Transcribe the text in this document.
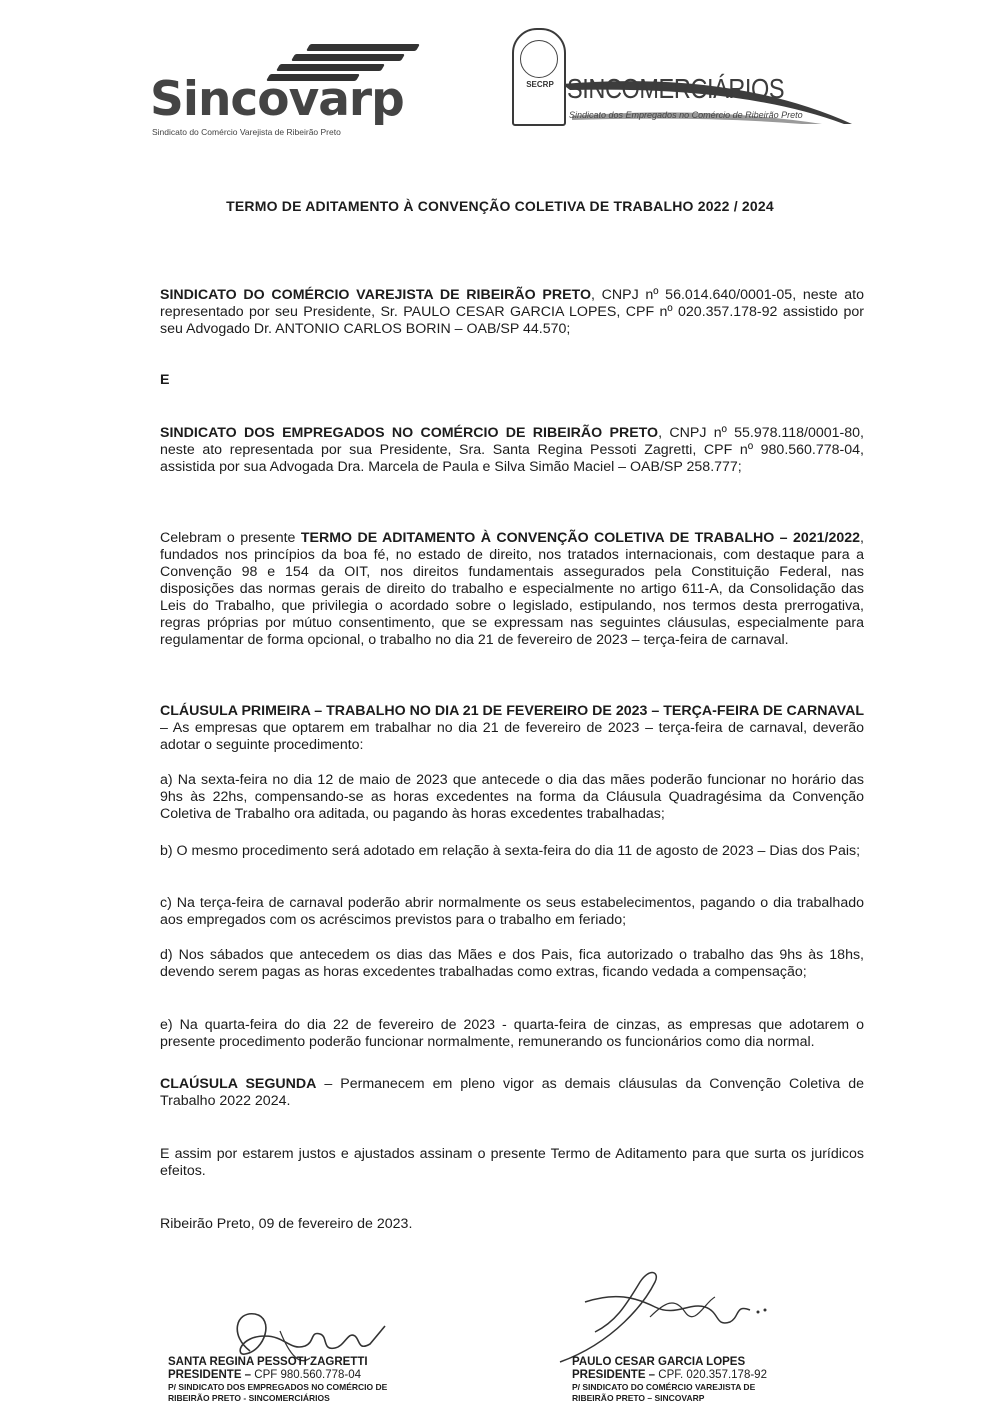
Sincovarp
Sindicato do Comércio Varejista de Ribeirão Preto
SECRP SINCOMERCIÁRIOS
Sindicato dos Empregados no Comércio de Ribeirão Preto
TERMO DE ADITAMENTO À CONVENÇÃO COLETIVA DE TRABALHO 2022 / 2024
SINDICATO DO COMÉRCIO VAREJISTA DE RIBEIRÃO PRETO, CNPJ nº 56.014.640/0001-05, neste ato representado por seu Presidente, Sr. PAULO CESAR GARCIA LOPES, CPF nº 020.357.178-92 assistido por seu Advogado Dr. ANTONIO CARLOS BORIN – OAB/SP 44.570;
E
SINDICATO DOS EMPREGADOS NO COMÉRCIO DE RIBEIRÃO PRETO, CNPJ nº 55.978.118/0001-80, neste ato representada por sua Presidente, Sra. Santa Regina Pessoti Zagretti, CPF nº 980.560.778-04, assistida por sua Advogada Dra. Marcela de Paula e Silva Simão Maciel – OAB/SP 258.777;
Celebram o presente TERMO DE ADITAMENTO À CONVENÇÃO COLETIVA DE TRABALHO – 2021/2022, fundados nos princípios da boa fé, no estado de direito, nos tratados internacionais, com destaque para a Convenção 98 e 154 da OIT, nos direitos fundamentais assegurados pela Constituição Federal, nas disposições das normas gerais de direito do trabalho e especialmente no artigo 611-A, da Consolidação das Leis do Trabalho, que privilegia o acordado sobre o legislado, estipulando, nos termos desta prerrogativa, regras próprias por mútuo consentimento, que se expressam nas seguintes cláusulas, especialmente para regulamentar de forma opcional, o trabalho no dia 21 de fevereiro de 2023 – terça-feira de carnaval.
CLÁUSULA PRIMEIRA – TRABALHO NO DIA 21 DE FEVEREIRO DE 2023 – TERÇA-FEIRA DE CARNAVAL – As empresas que optarem em trabalhar no dia 21 de fevereiro de 2023 – terça-feira de carnaval, deverão adotar o seguinte procedimento:
a) Na sexta-feira no dia 12 de maio de 2023 que antecede o dia das mães poderão funcionar no horário das 9hs às 22hs, compensando-se as horas excedentes na forma da Cláusula Quadragésima da Convenção Coletiva de Trabalho ora aditada, ou pagando às horas excedentes trabalhadas;
b) O mesmo procedimento será adotado em relação à sexta-feira do dia 11 de agosto de 2023 – Dias dos Pais;
c) Na terça-feira de carnaval poderão abrir normalmente os seus estabelecimentos, pagando o dia trabalhado aos empregados com os acréscimos previstos para o trabalho em feriado;
d) Nos sábados que antecedem os dias das Mães e dos Pais, fica autorizado o trabalho das 9hs às 18hs, devendo serem pagas as horas excedentes trabalhadas como extras, ficando vedada a compensação;
e) Na quarta-feira do dia 22 de fevereiro de 2023 - quarta-feira de cinzas, as empresas que adotarem o presente procedimento poderão funcionar normalmente, remunerando os funcionários como dia normal.
CLAÚSULA SEGUNDA – Permanecem em pleno vigor as demais cláusulas da Convenção Coletiva de Trabalho 2022 2024.
E assim por estarem justos e ajustados assinam o presente Termo de Aditamento para que surta os jurídicos efeitos.
Ribeirão Preto, 09 de fevereiro de 2023.
SANTA REGINA PESSOTI ZAGRETTI
PRESIDENTE – CPF 980.560.778-04
P/ SINDICATO DOS EMPREGADOS NO COMÉRCIO DE
RIBEIRÃO PRETO - SINCOMERCIÁRIOS
PAULO CESAR GARCIA LOPES
PRESIDENTE – CPF. 020.357.178-92
P/ SINDICATO DO COMÉRCIO VAREJISTA DE
RIBEIRÃO PRETO – SINCOVARP
